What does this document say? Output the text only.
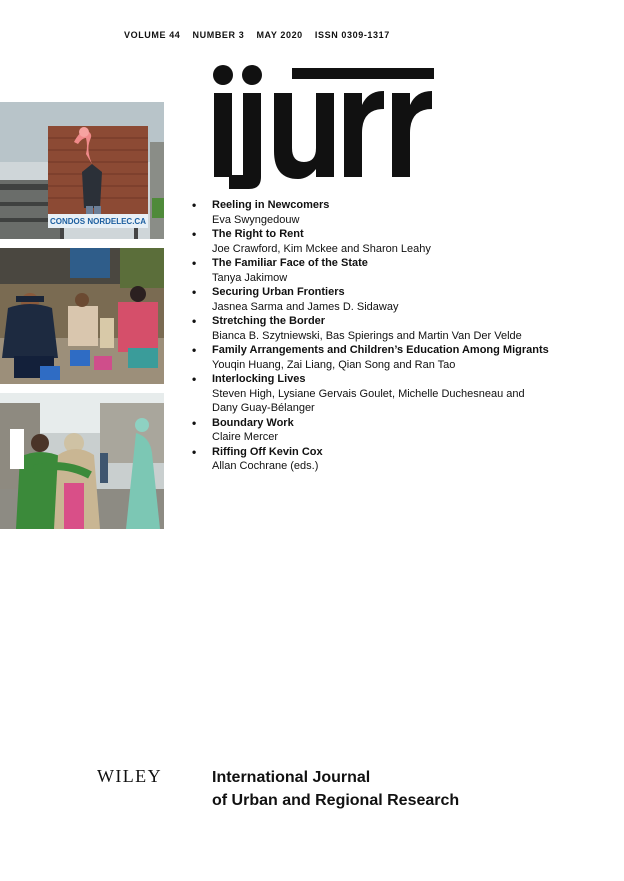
VOLUME 44 NUMBER 3 MAY 2020 ISSN 0309-1317
CONDOS NORDELEC.CA
• Reeling in Newcomers
Eva Swyngedouw
• The Right to Rent
Joe Crawford, Kim Mckee and Sharon Leahy
• The Familiar Face of the State
Tanya Jakimow
• Securing Urban Frontiers
Jasnea Sarma and James D. Sidaway
• Stretching the Border
Bianca B. Szytniewski, Bas Spierings and Martin Van Der Velde
• Family Arrangements and Children’s Education Among Migrants
Youqin Huang, Zai Liang, Qian Song and Ran Tao
• Interlocking Lives
Steven High, Lysiane Gervais Goulet, Michelle Duchesneau and Dany Guay-Bélanger
• Boundary Work
Claire Mercer
• Riffing Off Kevin Cox
Allan Cochrane (eds.)
WILEY	International Journal
of Urban and Regional Research
